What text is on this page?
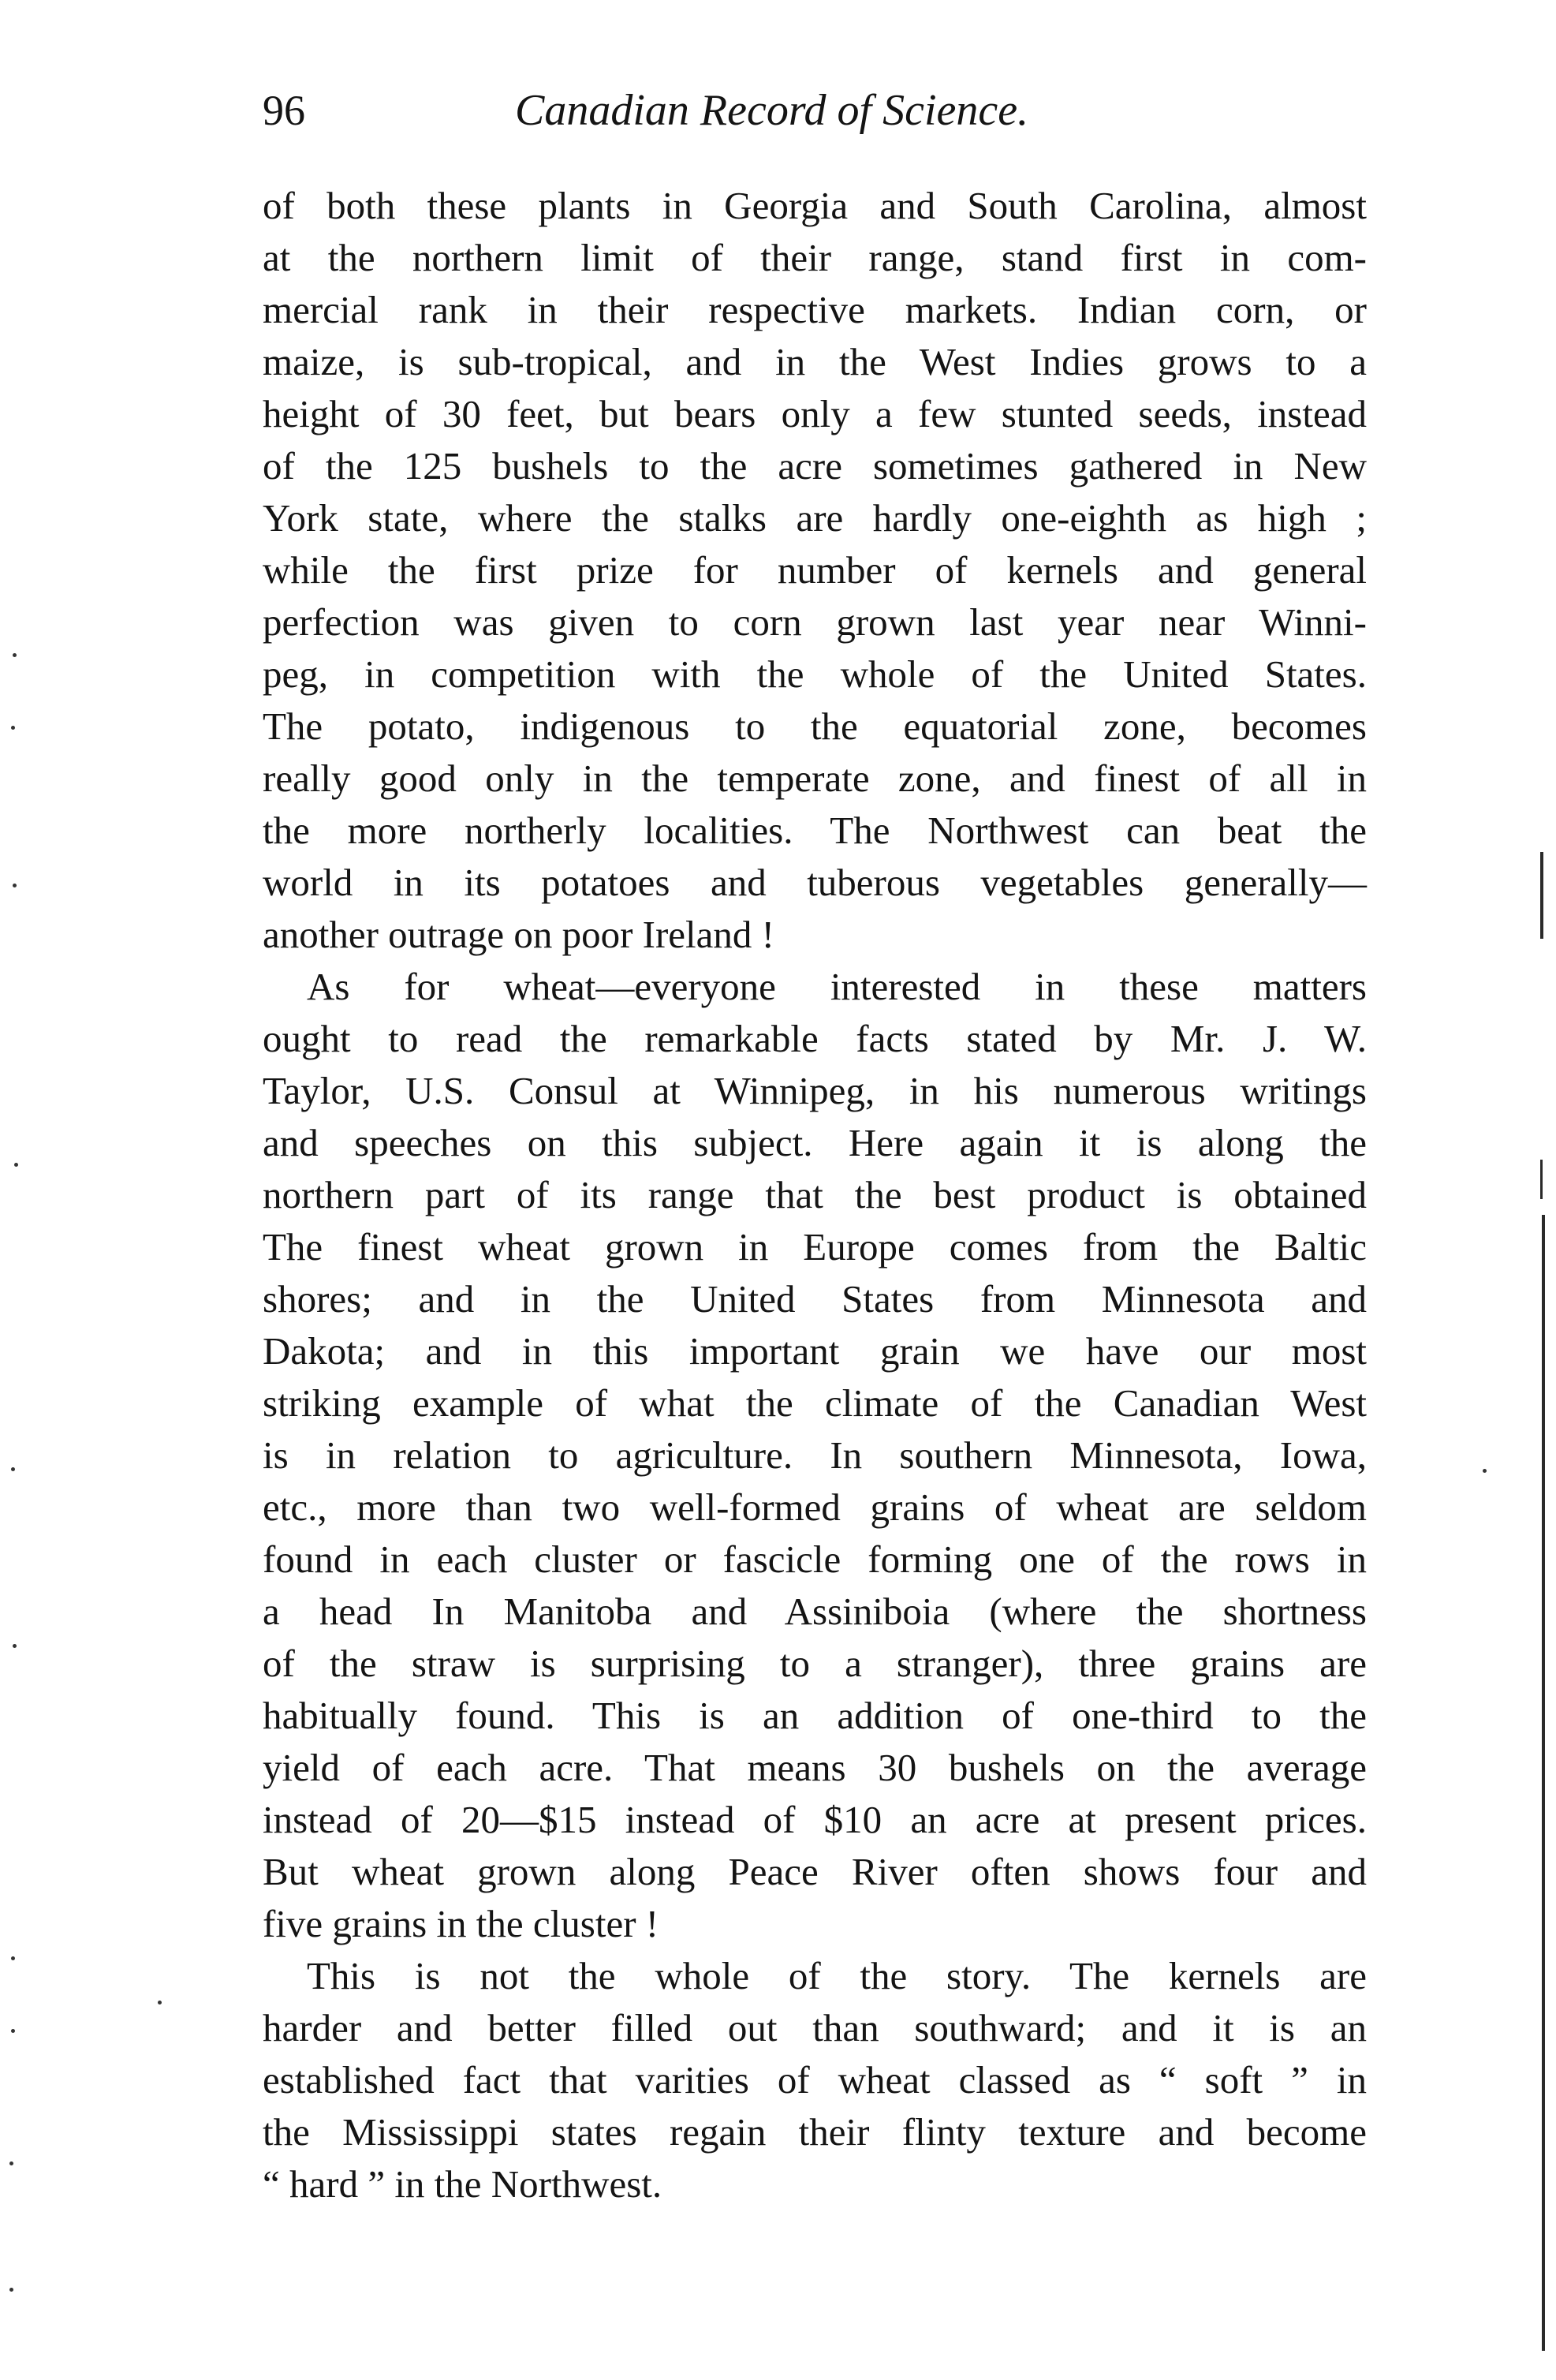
96	Canadian Record of Science.
of both these plants in Georgia and South Carolina, almost
at the northern limit of their range, stand first in com-
mercial rank in their respective markets. Indian corn, or
maize, is sub-tropical, and in the West Indies grows to a
height of 30 feet, but bears only a few stunted seeds, instead
of the 125 bushels to the acre sometimes gathered in New
York state, where the stalks are hardly one-eighth as high ;
while the first prize for number of kernels and general
perfection was given to corn grown last year near Winni-
peg, in competition with the whole of the United States.
The potato, indigenous to the equatorial zone, becomes
really good only in the temperate zone, and finest of all in
the more northerly localities. The Northwest can beat the
world in its potatoes and tuberous vegetables generally—
another outrage on poor Ireland !
As for wheat—everyone interested in these matters
ought to read the remarkable facts stated by Mr. J. W.
Taylor, U.S. Consul at Winnipeg, in his numerous writings
and speeches on this subject. Here again it is along the
northern part of its range that the best product is obtained
The finest wheat grown in Europe comes from the Baltic
shores; and in the United States from Minnesota and
Dakota; and in this important grain we have our most
striking example of what the climate of the Canadian West
is in relation to agriculture. In southern Minnesota, Iowa,
etc., more than two well-formed grains of wheat are seldom
found in each cluster or fascicle forming one of the rows in
a head In Manitoba and Assiniboia (where the shortness
of the straw is surprising to a stranger), three grains are
habitually found. This is an addition of one-third to the
yield of each acre. That means 30 bushels on the average
instead of 20—$15 instead of $10 an acre at present prices.
But wheat grown along Peace River often shows four and
five grains in the cluster !
This is not the whole of the story. The kernels are
harder and better filled out than southward; and it is an
established fact that varities of wheat classed as “ soft ” in
the Mississippi states regain their flinty texture and become
“ hard ” in the Northwest.
